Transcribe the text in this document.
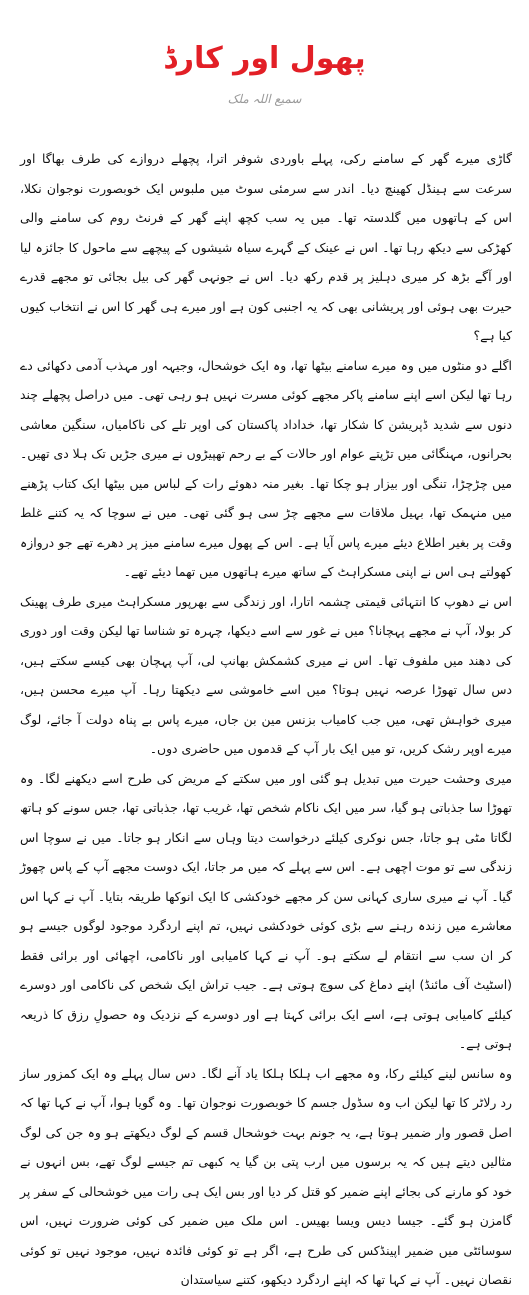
پھول اور کارڈ
سمیع اللہ ملک

گاڑی میرے گھر کے سامنے رکی، پہلے باوردی شوفر اترا، پچھلے دروازے کی طرف بھاگا اور سرعت سے ہینڈل کھینچ دیا۔ اندر سے سرمئی سوٹ میں ملبوس ایک خوبصورت نوجوان نکلا، اس کے ہاتھوں میں گلدستہ تھا۔ میں یہ سب کچھ اپنے گھر کے فرنٹ روم کی سامنے والی کھڑکی سے دیکھ رہا تھا۔ اس نے عینک کے گہرے سیاہ شیشوں کے پیچھے سے ماحول کا جائزہ لیا اور آگے بڑھ کر میری دہلیز پر قدم رکھ دیا۔ اس نے جونہی گھر کی بیل بجائی تو مجھے قدرے حیرت بھی ہوئی اور پریشانی بھی کہ یہ اجنبی کون ہے اور میرے ہی گھر کا اس نے انتخاب کیوں کیا ہے؟

اگلے دو منٹوں میں وہ میرے سامنے بیٹھا تھا، وہ ایک خوشحال، وجیہہ اور مہذب آدمی دکھائی دے رہا تھا لیکن اسے اپنے سامنے پاکر مجھے کوئی مسرت نہیں ہو رہی تھی۔ میں دراصل پچھلے چند دنوں سے شدید ڈپریشن کا شکار تھا، خداداد پاکستان کی اوپر تلے کی ناکامیاں، سنگین معاشی بحرانوں، مہنگائی میں تڑپتے عوام اور حالات کے بے رحم تھپیڑوں نے میری جڑیں تک ہلا دی تھیں۔ میں چڑچڑا، تنگی اور بیزار ہو چکا تھا۔ بغیر منہ دھوئے رات کے لباس میں بیٹھا ایک کتاب پڑھنے میں منہمک تھا، بہیل ملاقات سے مجھے چڑ سی ہو گئی تھی۔ میں نے سوچا کہ یہ کتنے غلط وقت پر بغیر اطلاع دیئے میرے پاس آیا ہے۔ اس کے پھول میرے سامنے میز پر دھرے تھے جو دروازہ کھولتے ہی اس نے اپنی مسکراہٹ کے ساتھ میرے ہاتھوں میں تھما دیئے تھے۔

اس نے دھوپ کا انتہائی قیمتی چشمہ اتارا، اور زندگی سے بھرپور مسکراہٹ میری طرف پھینک کر بولا، آپ نے مجھے پہچانا؟ میں نے غور سے اسے دیکھا، چہرہ تو شناسا تھا لیکن وقت اور دوری کی دھند میں ملفوف تھا۔ اس نے میری کشمکش بھانپ لی، آپ پہچان بھی کیسے سکتے ہیں، دس سال تھوڑا عرصہ نہیں ہوتا؟ میں اسے خاموشی سے دیکھتا رہا۔ آپ میرے محسن ہیں، میری خواہش تھی، میں جب کامیاب بزنس مین بن جاں، میرے پاس بے پناہ دولت آ جائے، لوگ میرے اوپر رشک کریں، تو میں ایک بار آپ کے قدموں میں حاضری دوں۔

میری وحشت حیرت میں تبدیل ہو گئی اور میں سکتے کے مریض کی طرح اسے دیکھنے لگا۔ وہ تھوڑا سا جذباتی ہو گیا، سر میں ایک ناکام شخص تھا، غریب تھا، جذباتی تھا، جس سونے کو ہاتھ لگاتا مٹی ہو جاتا، جس نوکری کیلئے درخواست دیتا وہاں سے انکار ہو جاتا۔ میں نے سوچا اس زندگی سے تو موت اچھی ہے۔ اس سے پہلے کہ میں مر جاتا، ایک دوست مجھے آپ کے پاس چھوڑ گیا۔ آپ نے میری ساری کہانی سن کر مجھے خودکشی کا ایک انوکھا طریقہ بتایا۔ آپ نے کہا اس معاشرے میں زندہ رہنے سے بڑی کوئی خودکشی نہیں، تم اپنے اردگرد موجود لوگوں جیسے ہو کر ان سب سے انتقام لے سکتے ہو۔ آپ نے کہا کامیابی اور ناکامی، اچھائی اور برائی فقط (اسٹیٹ آف مائنڈ) اپنے دماغ کی سوچ ہوتی ہے۔ جیب تراش ایک شخص کی ناکامی اور دوسرے کیلئے کامیابی ہوتی ہے، اسے ایک برائی کہتا ہے اور دوسرے کے نزدیک وہ حصولِ رزق کا ذریعہ ہوتی ہے۔

وہ سانس لینے کیلئے رکا، وہ مجھے اب ہلکا ہلکا یاد آنے لگا۔ دس سال پہلے وہ ایک کمزور ساز رد رلاٹر کا تھا لیکن اب وہ سڈول جسم کا خوبصورت نوجوان تھا۔ وہ گویا ہوا، آپ نے کہا تھا کہ اصل قصور وار ضمیر ہوتا ہے، یہ جونم بہت خوشحال قسم کے لوگ دیکھتے ہو وہ جن کی لوگ مثالیں دیتے ہیں کہ یہ برسوں میں ارب پتی بن گیا یہ کبھی تم جیسے لوگ تھے، بس انہوں نے خود کو مارنے کی بجائے اپنے ضمیر کو قتل کر دیا اور بس ایک ہی رات میں خوشحالی کے سفر پر گامزن ہو گئے۔ جیسا دیس ویسا بھیس۔ اس ملک میں ضمیر کی کوئی ضرورت نہیں، اس سوسائٹی میں ضمیر اپینڈکس کی طرح ہے، اگر ہے تو کوئی فائدہ نہیں، موجود نہیں تو کوئی نقصان نہیں۔ آپ نے کہا تھا کہ اپنے اردگرد دیکھو، کتنے سیاستدان
